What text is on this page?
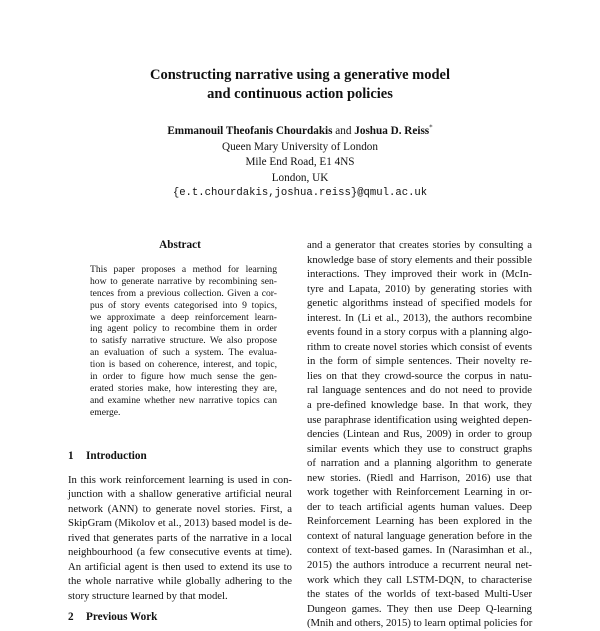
Constructing narrative using a generative model
and continuous action policies
Emmanouil Theofanis Chourdakis and Joshua D. Reiss*
Queen Mary University of London
Mile End Road, E1 4NS
London, UK
{e.t.chourdakis,joshua.reiss}@qmul.ac.uk
Abstract
This paper proposes a method for learning
how to generate narrative by recombining sen-
tences from a previous collection. Given a cor-
pus of story events categorised into 9 topics,
we approximate a deep reinforcement learn-
ing agent policy to recombine them in order
to satisfy narrative structure. We also propose
an evaluation of such a system. The evalua-
tion is based on coherence, interest, and topic,
in order to figure how much sense the gen-
erated stories make, how interesting they are,
and examine whether new narrative topics can
emerge.
1 Introduction
In this work reinforcement learning is used in con-
junction with a shallow generative artificial neural
network (ANN) to generate novel stories. First, a
SkipGram (Mikolov et al., 2013) based model is de-
rived that generates parts of the narrative in a local
neighbourhood (a few consecutive events at time).
An artificial agent is then used to extend its use to
the whole narrative while globally adhering to the
story structure learned by that model.
2 Previous Work
and a generator that creates stories by consulting a
knowledge base of story elements and their possible
interactions. They improved their work in (McIn-
tyre and Lapata, 2010) by generating stories with
genetic algorithms instead of specified models for
interest. In (Li et al., 2013), the authors recombine
events found in a story corpus with a planning algo-
rithm to create novel stories which consist of events
in the form of simple sentences. Their novelty re-
lies on that they crowd-source the corpus in natu-
ral language sentences and do not need to provide
a pre-defined knowledge base. In that work, they
use paraphrase identification using weighted depen-
dencies (Lintean and Rus, 2009) in order to group
similar events which they use to construct graphs
of narration and a planning algorithm to generate
new stories. (Riedl and Harrison, 2016) use that
work together with Reinforcement Learning in or-
der to teach artificial agents human values. Deep
Reinforcement Learning has been explored in the
context of natural language generation before in the
context of text-based games. In (Narasimhan et al.,
2015) the authors introduce a recurrent neural net-
work which they call LSTM-DQN, to characterise
the states of the worlds of text-based Multi-User
Dungeon games. They then use Deep Q-learning
(Mnih and others, 2015) to learn optimal policies for
